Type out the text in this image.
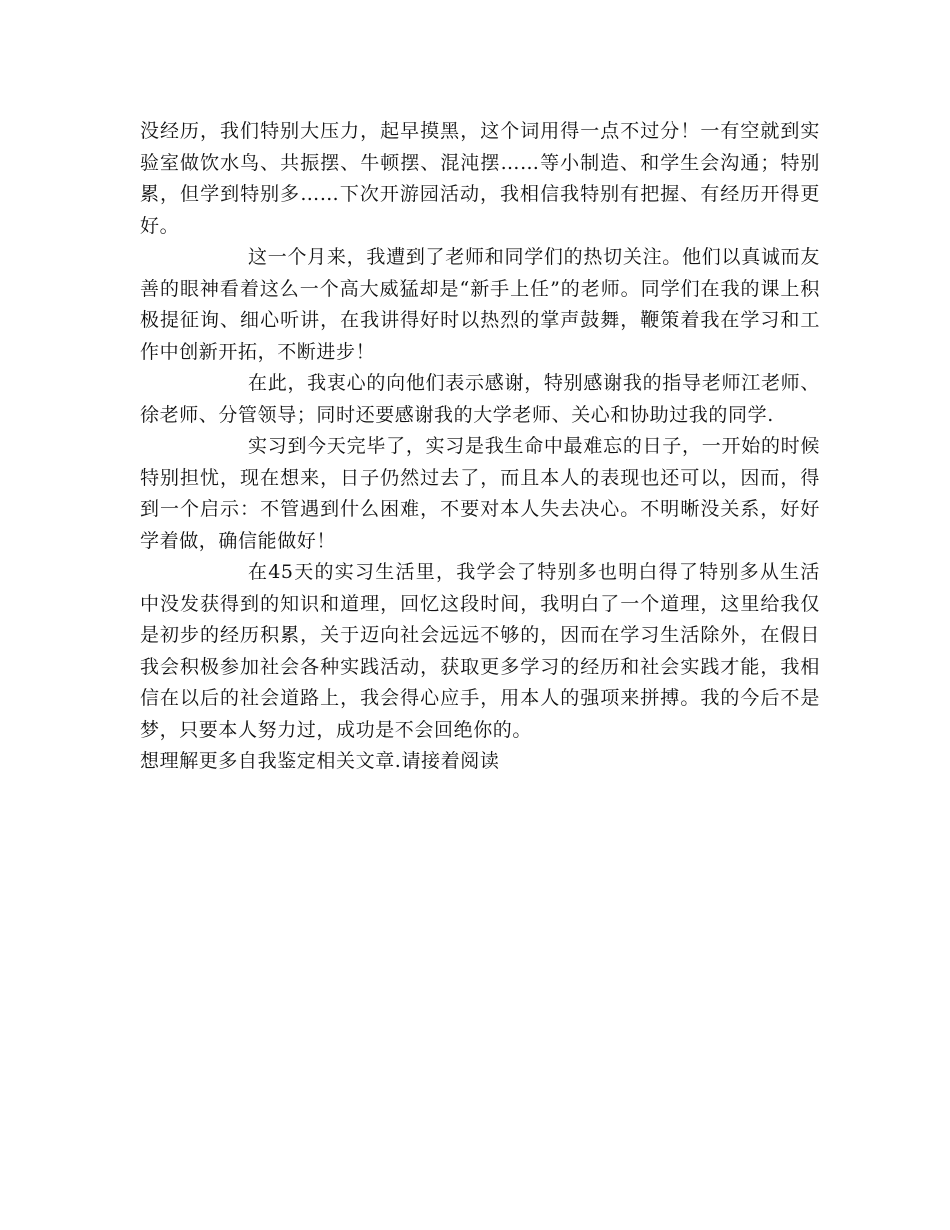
没经历，我们特别大压力，起早摸黑，这个词用得一点不过分！一有空就到实验室做饮水鸟、共振摆、牛顿摆、混沌摆……等小制造、和学生会沟通；特别累，但学到特别多……下次开游园活动，我相信我特别有把握、有经历开得更好。

这一个月来，我遭到了老师和同学们的热切关注。他们以真诚而友善的眼神看着这么一个高大威猛却是“新手上任”的老师。同学们在我的课上积极提征询、细心听讲，在我讲得好时以热烈的掌声鼓舞，鞭策着我在学习和工作中创新开拓，不断进步！

在此，我衷心的向他们表示感谢，特别感谢我的指导老师江老师、徐老师、分管领导；同时还要感谢我的大学老师、关心和协助过我的同学.

实习到今天完毕了，实习是我生命中最难忘的日子，一开始的时候特别担忧，现在想来，日子仍然过去了，而且本人的表现也还可以，因而，得到一个启示：不管遇到什么困难，不要对本人失去决心。不明晰没关系，好好学着做，确信能做好！

在45天的实习生活里，我学会了特别多也明白得了特别多从生活中没发获得到的知识和道理，回忆这段时间，我明白了一个道理，这里给我仅是初步的经历积累，关于迈向社会远远不够的，因而在学习生活除外，在假日我会积极参加社会各种实践活动，获取更多学习的经历和社会实践才能，我相信在以后的社会道路上，我会得心应手，用本人的强项来拼搏。我的今后不是梦，只要本人努力过，成功是不会回绝你的。

想理解更多自我鉴定相关文章.请接着阅读
